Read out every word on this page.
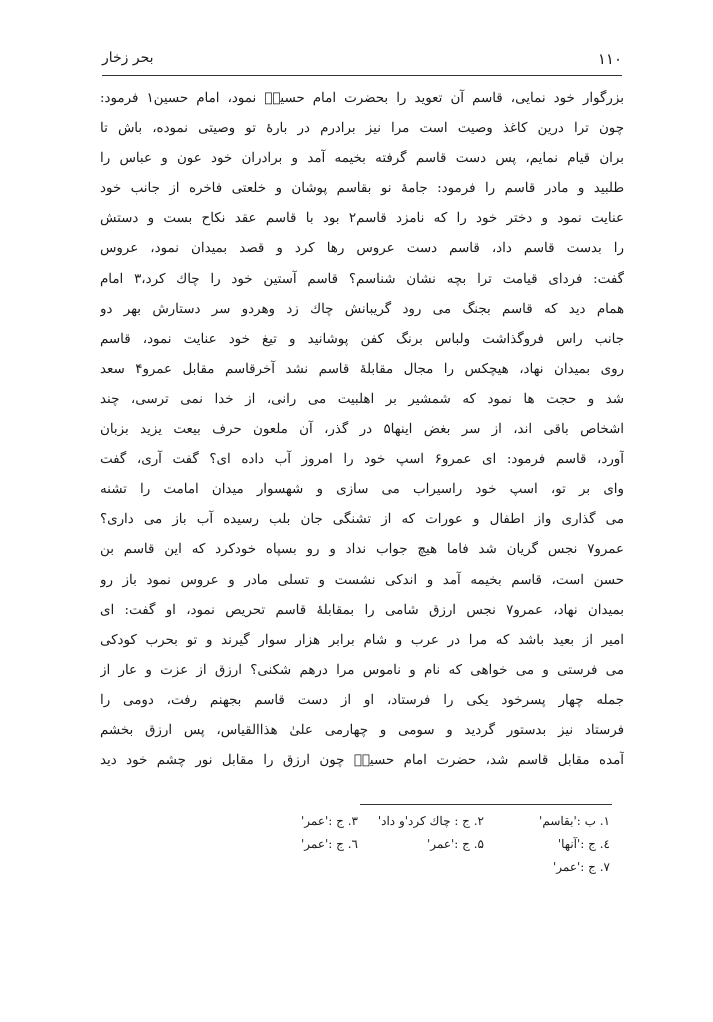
۱۱۰
بحر زخار
بزرگوار خود نمایی، قاسم آن تعوید را بحضرت امام حسینؑ نمود، امام حسین۱ فرمود:
چون ترا درین کاغذ وصیت است مرا نیز برادرم در بارهٔ تو وصیتی نموده، باش تا
بران قیام نمایم، پس دست قاسم گرفته بخیمه آمد و برادران خود عون و عباس را
طلبید و مادر قاسم را فرمود: جامهٔ نو بقاسم پوشان و خلعتی فاخره از جانب خود
عنایت نمود و دختر خود را که نامزد قاسم۲ بود با قاسم عقد نکاح بست و دستش
را بدست قاسم داد، قاسم دست عروس رها کرد و قصد بمیدان نمود، عروس
گفت: فردای قیامت ترا بچه نشان شناسم؟ قاسم آستین خود را چاك کرد،۳ امام
همام دید که قاسم بجنگ می رود گریبانش چاك زد وهردو سر دستارش بهر دو
جانب راس فروگذاشت ولباس برنگ کفن پوشانید و تیغ خود عنایت نمود، قاسم
روی بمیدان نهاد، هیچکس را مجال مقابلهٔ قاسم نشد آخرقاسم مقابل عمرو۴ سعد
شد و حجت ها نمود که شمشیر بر اهلبیت می رانی، از خدا نمی ترسی، چند
اشخاص باقی اند، از سر بغض اینها۵ در گذر، آن ملعون حرف بیعت یزید بزبان
آورد، قاسم فرمود: ای عمرو۶ اسپ خود را امروز آب داده ای؟ گفت آری، گفت
وای بر تو، اسپ خود راسیراب می سازی و شهسوار میدان امامت را تشنه
می گذاری واز اطفال و عورات که از تشنگی جان بلب رسیده آب باز می داری؟
عمرو۷ نجس گریان شد فاما هیچ جواب نداد و رو بسپاه خودکرد که این قاسم بن
حسن است، قاسم بخیمه آمد و اندکی نشست و تسلی مادر و عروس نمود باز رو
بمیدان نهاد، عمرو۷ نجس ارزق شامی را بمقابلهٔ قاسم تحریص نمود، او گفت: ای
امیر از بعید باشد که مرا در عرب و شام برابر هزار سوار گیرند و تو بحرب کودکی
می فرستی و می خواهی که نام و ناموس مرا درهم شکنی؟ ارزق از عزت و عار از
جمله چهار پسرخود یکی را فرستاد، او از دست قاسم بجهنم رفت، دومی را
فرستاد نیز بدستور گردید و سومی و چهارمی علیٰ هذاالقیاس، پس ارزق بخشم
آمده مقابل قاسم شد، حضرت امام حسینؑ چون ارزق را مقابل نور چشم خود دید
۱. ب :'بقاسم'
۲. ج : چاك کرد'و داد'
۳. ج :'عمر'
٤. ج :'آنها'
۵. ج :'عمر'
٦. ج :'عمر'
۷. ج :'عمر'
